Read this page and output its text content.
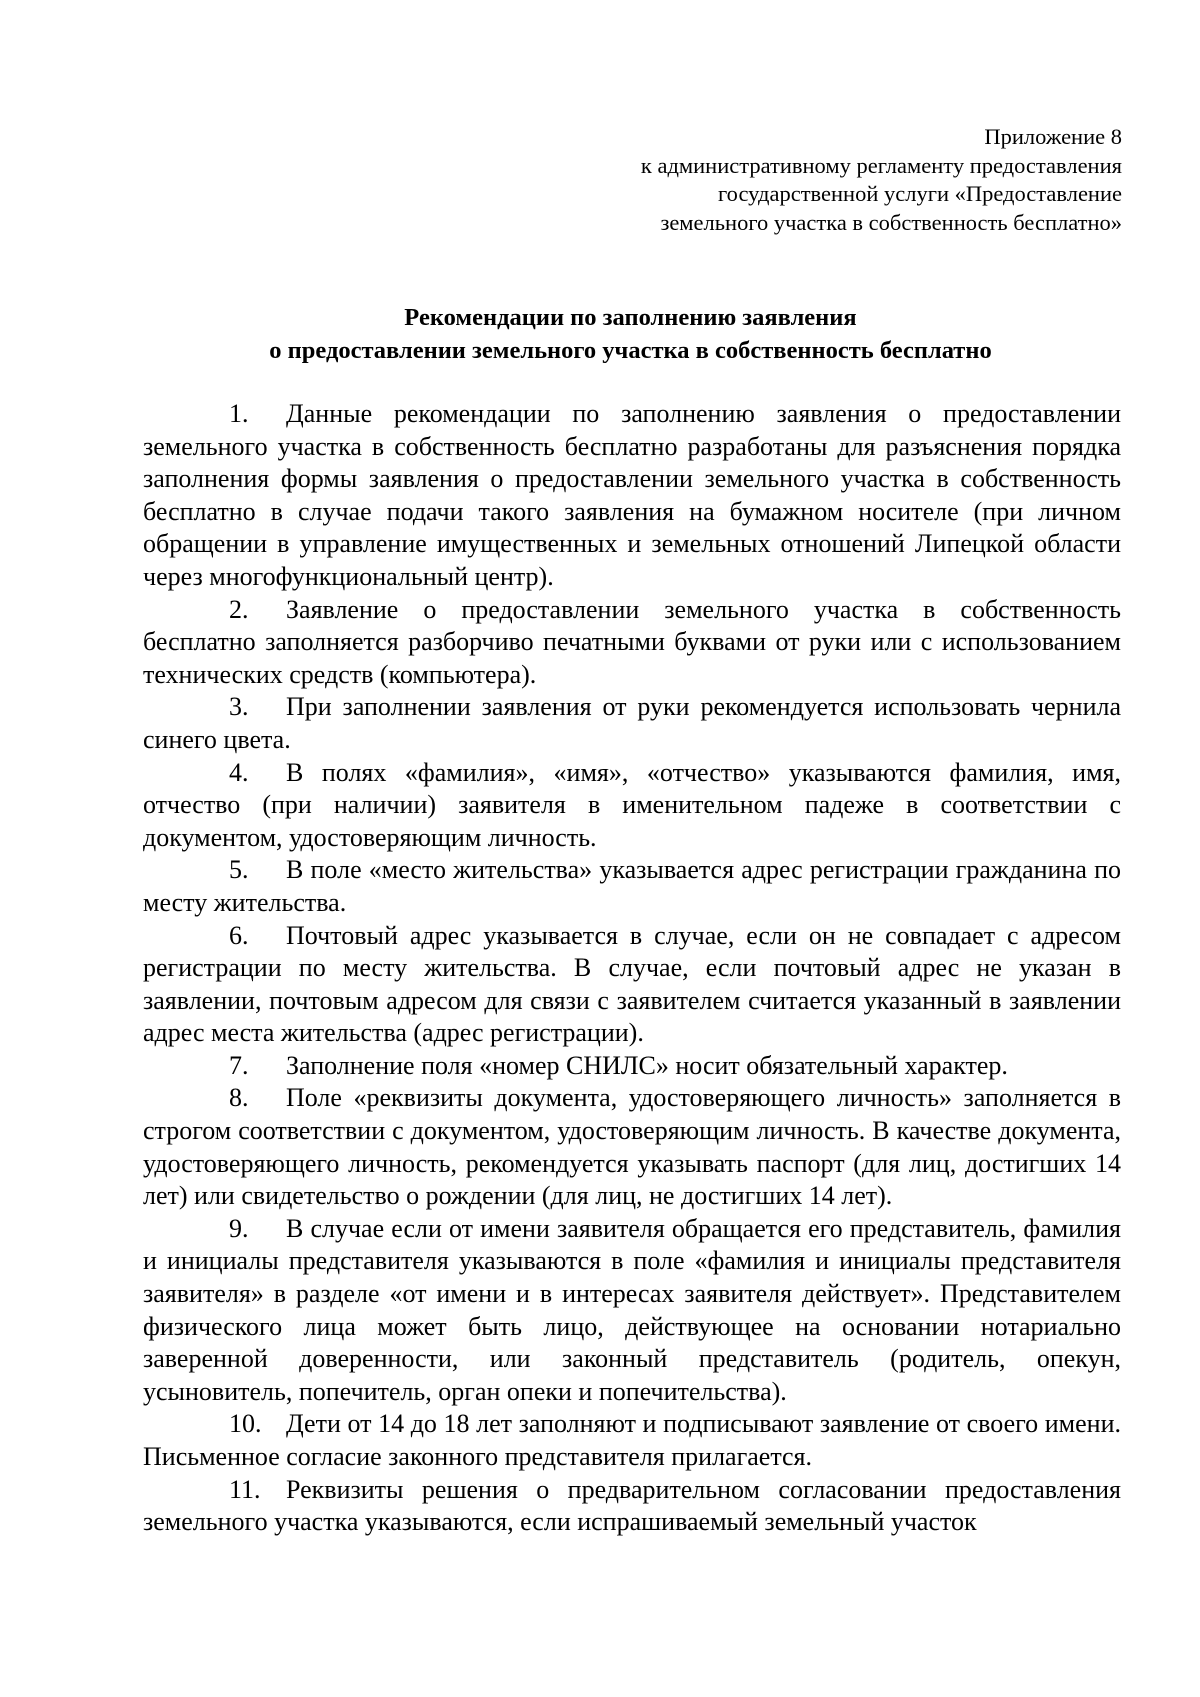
Приложение 8
к административному регламенту предоставления
государственной услуги «Предоставление
земельного участка в собственность бесплатно»
Рекомендации по заполнению заявления
о предоставлении земельного участка в собственность бесплатно

1. Данные рекомендации по заполнению заявления о предоставлении земельного участка в собственность бесплатно разработаны для разъяснения порядка заполнения формы заявления о предоставлении земельного участка в собственность бесплатно в случае подачи такого заявления на бумажном носителе (при личном обращении в управление имущественных и земельных отношений Липецкой области через многофункциональный центр).

2. Заявление о предоставлении земельного участка в собственность бесплатно заполняется разборчиво печатными буквами от руки или с использованием технических средств (компьютера).

3. При заполнении заявления от руки рекомендуется использовать чернила синего цвета.

4. В полях «фамилия», «имя», «отчество» указываются фамилия, имя, отчество (при наличии) заявителя в именительном падеже в соответствии с документом, удостоверяющим личность.

5. В поле «место жительства» указывается адрес регистрации гражданина по месту жительства.

6. Почтовый адрес указывается в случае, если он не совпадает с адресом регистрации по месту жительства. В случае, если почтовый адрес не указан в заявлении, почтовым адресом для связи с заявителем считается указанный в заявлении адрес места жительства (адрес регистрации).

7. Заполнение поля «номер СНИЛС» носит обязательный характер.

8. Поле «реквизиты документа, удостоверяющего личность» заполняется в строгом соответствии с документом, удостоверяющим личность. В качестве документа, удостоверяющего личность, рекомендуется указывать паспорт (для лиц, достигших 14 лет) или свидетельство о рождении (для лиц, не достигших 14 лет).

9. В случае если от имени заявителя обращается его представитель, фамилия и инициалы представителя указываются в поле «фамилия и инициалы представителя заявителя» в разделе «от имени и в интересах заявителя действует». Представителем физического лица может быть лицо, действующее на основании нотариально заверенной доверенности, или законный представитель (родитель, опекун, усыновитель, попечитель, орган опеки и попечительства).

10. Дети от 14 до 18 лет заполняют и подписывают заявление от своего имени. Письменное согласие законного представителя прилагается.

11. Реквизиты решения о предварительном согласовании предоставления земельного участка указываются, если испрашиваемый земельный участок
